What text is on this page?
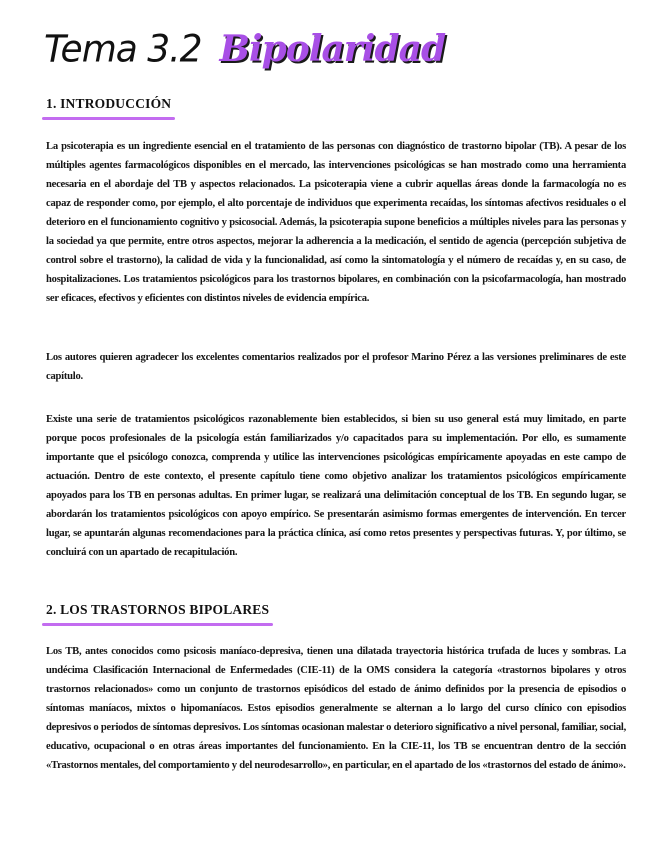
Tema 3.2 Bipolaridad
1. INTRODUCCIÓN

La psicoterapia es un ingrediente esencial en el tratamiento de las personas con diagnóstico de trastorno bipolar (TB). A pesar de los múltiples agentes farmacológicos disponibles en el mercado, las intervenciones psicológicas se han mostrado como una herramienta necesaria en el abordaje del TB y aspectos relacionados. La psicoterapia viene a cubrir aquellas áreas donde la farmacología no es capaz de responder como, por ejemplo, el alto porcentaje de individuos que experimenta recaídas, los síntomas afectivos residuales o el deterioro en el funcionamiento cognitivo y psicosocial. Además, la psicoterapia supone beneficios a múltiples niveles para las personas y la sociedad ya que permite, entre otros aspectos, mejorar la adherencia a la medicación, el sentido de agencia (percepción subjetiva de control sobre el trastorno), la calidad de vida y la funcionalidad, así como la sintomatología y el número de recaídas y, en su caso, de hospitalizaciones. Los tratamientos psicológicos para los trastornos bipolares, en combinación con la psicofarmacología, han mostrado ser eficaces, efectivos y eficientes con distintos niveles de evidencia empírica.

Los autores quieren agradecer los excelentes comentarios realizados por el profesor Marino Pérez a las versiones preliminares de este capítulo.

Existe una serie de tratamientos psicológicos razonablemente bien establecidos, si bien su uso general está muy limitado, en parte porque pocos profesionales de la psicología están familiarizados y/o capacitados para su implementación. Por ello, es sumamente importante que el psicólogo conozca, comprenda y utilice las intervenciones psicológicas empíricamente apoyadas en este campo de actuación. Dentro de este contexto, el presente capítulo tiene como objetivo analizar los tratamientos psicológicos empíricamente apoyados para los TB en personas adultas. En primer lugar, se realizará una delimitación conceptual de los TB. En segundo lugar, se abordarán los tratamientos psicológicos con apoyo empírico. Se presentarán asimismo formas emergentes de intervención. En tercer lugar, se apuntarán algunas recomendaciones para la práctica clínica, así como retos presentes y perspectivas futuras. Y, por último, se concluirá con un apartado de recapitulación.

2. LOS TRASTORNOS BIPOLARES

Los TB, antes conocidos como psicosis maníaco-depresiva, tienen una dilatada trayectoria histórica trufada de luces y sombras. La undécima Clasificación Internacional de Enfermedades (CIE-11) de la OMS considera la categoría «trastornos bipolares y otros trastornos relacionados» como un conjunto de trastornos episódicos del estado de ánimo definidos por la presencia de episodios o síntomas maníacos, mixtos o hipomaníacos. Estos episodios generalmente se alternan a lo largo del curso clínico con episodios depresivos o periodos de síntomas depresivos. Los síntomas ocasionan malestar o deterioro significativo a nivel personal, familiar, social, educativo, ocupacional o en otras áreas importantes del funcionamiento. En la CIE-11, los TB se encuentran dentro de la sección «Trastornos mentales, del comportamiento y del neurodesarrollo», en particular, en el apartado de los «trastornos del estado de ánimo».
